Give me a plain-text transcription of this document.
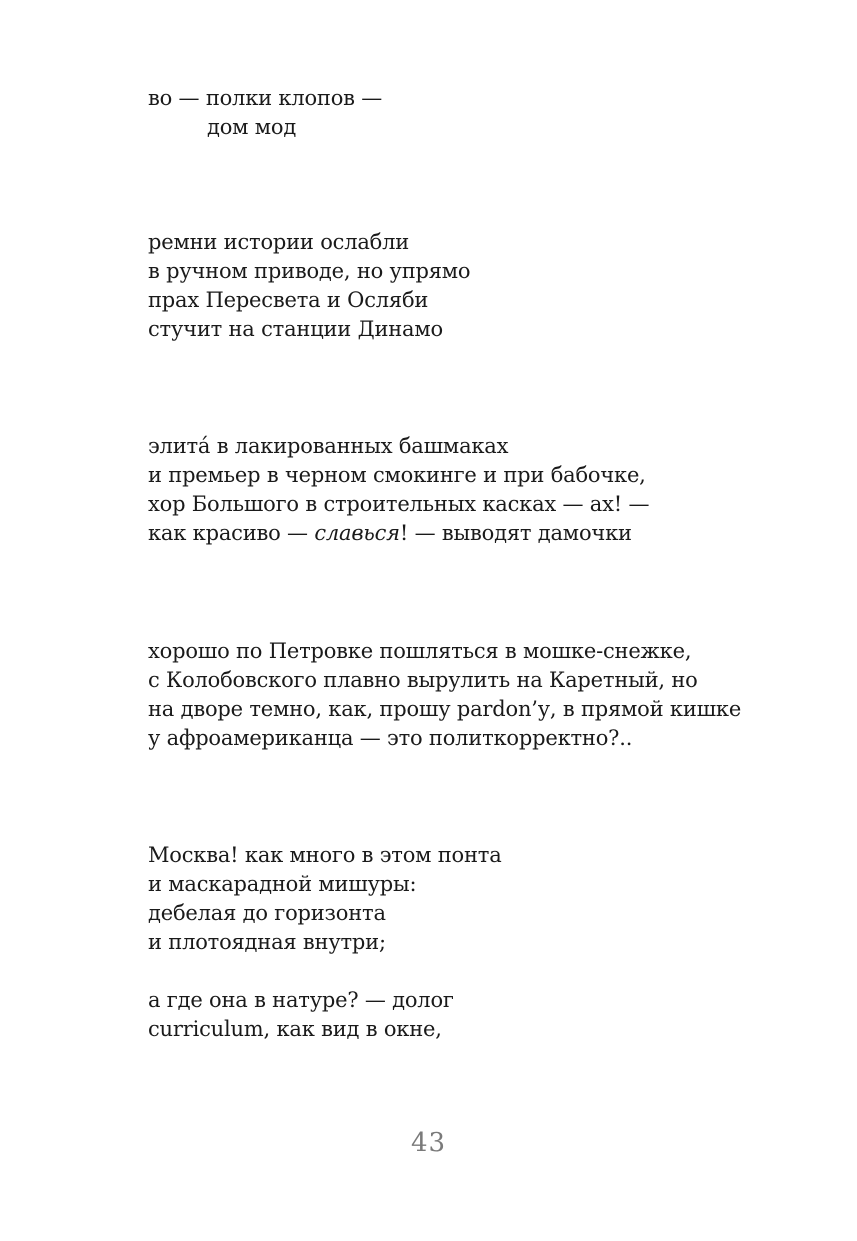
во — полки клопов —
дом мод
ремни истории ослабли
в ручном приводе, но упрямо
прах Пересвета и Осляби
стучит на станции Динамо
элитá в лакированных башмаках
и премьер в черном смокинге и при бабочке,
хор Большого в строительных касках — ах! —
как красиво — славься! — выводят дамочки
хорошо по Петровке пошляться в мошке-снежке,
с Колобовского плавно вырулить на Каретный, но
на дворе темно, как, прошу pardon’у, в прямой кишке
у афроамериканца — это политкорректно?..
Москва! как много в этом понта
и маскарадной мишуры:
дебелая до горизонта
и плотоядная внутри;
а где она в натуре? — долог
curriculum, как вид в окне,
43
